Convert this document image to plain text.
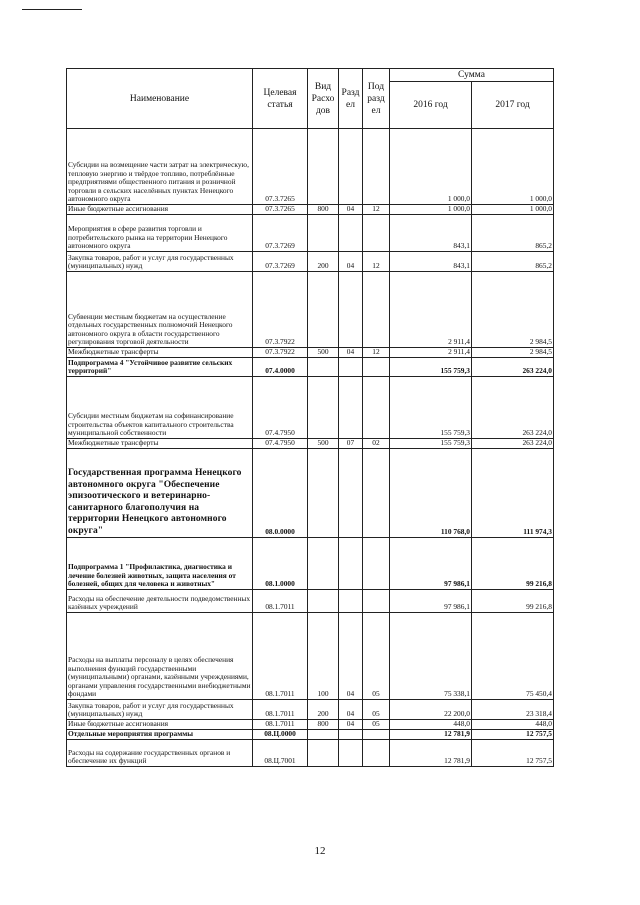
Наименование	Целевая статья	Вид Расхо дов	Разд ел	Под разд ел	Сумма	
					2016 год	2017 год
Субсидии на возмещение части затрат на электрическую, тепловую энергию и твёрдое топливо, потреблённые предприятиями общественного питания и розничной торговли в сельских населённых пунктах Ненецкого автономного округа	07.3.7265				1 000,0	1 000,0
Иные бюджетные ассигнования	07.3.7265	800	04	12	1 000,0	1 000,0
Мероприятия в сфере развития торговли и потребительского рынка на территории Ненецкого автономного округа	07.3.7269				843,1	865,2
Закупка товаров, работ и услуг для государственных (муниципальных) нужд	07.3.7269	200	04	12	843,1	865,2
Субвенции местным бюджетам на осуществление отдельных государственных полномочий Ненецкого автономного округа в области государственного регулирования торговой деятельности	07.3.7922				2 911,4	2 984,5
Межбюджетные трансферты	07.3.7922	500	04	12	2 911,4	2 984,5
Подпрограмма 4 "Устойчивое развитие сельских территорий"	07.4.0000				155 759,3	263 224,0
Субсидии местным бюджетам на софинансирование строительства объектов капитального строительства муниципальной собственности	07.4.7950				155 759,3	263 224,0
Межбюджетные трансферты	07.4.7950	500	07	02	155 759,3	263 224,0
Государственная программа Ненецкого автономного округа "Обеспечение эпизоотического и ветеринарно-санитарного благополучия на территории Ненецкого автономного округа"	08.0.0000				110 768,0	111 974,3
Подпрограмма 1 "Профилактика, диагностика и лечение болезней животных, защита населения от болезней, общих для человека и животных"	08.1.0000				97 986,1	99 216,8
Расходы на обеспечение деятельности подведомственных казённых учреждений	08.1.7011				97 986,1	99 216,8
Расходы на выплаты персоналу в целях обеспечения выполнения функций государственными (муниципальными) органами, казёнными учреждениями, органами управления государственными внебюджетными фондами	08.1.7011	100	04	05	75 338,1	75 450,4
Закупка товаров, работ и услуг для государственных (муниципальных) нужд	08.1.7011	200	04	05	22 200,0	23 318,4
Иные бюджетные ассигнования	08.1.7011	800	04	05	448,0	448,0
Отдельные мероприятия программы	08.Ц.0000				12 781,9	12 757,5
Расходы на содержание государственных органов и обеспечение их функций	08.Ц.7001				12 781,9	12 757,5
12
